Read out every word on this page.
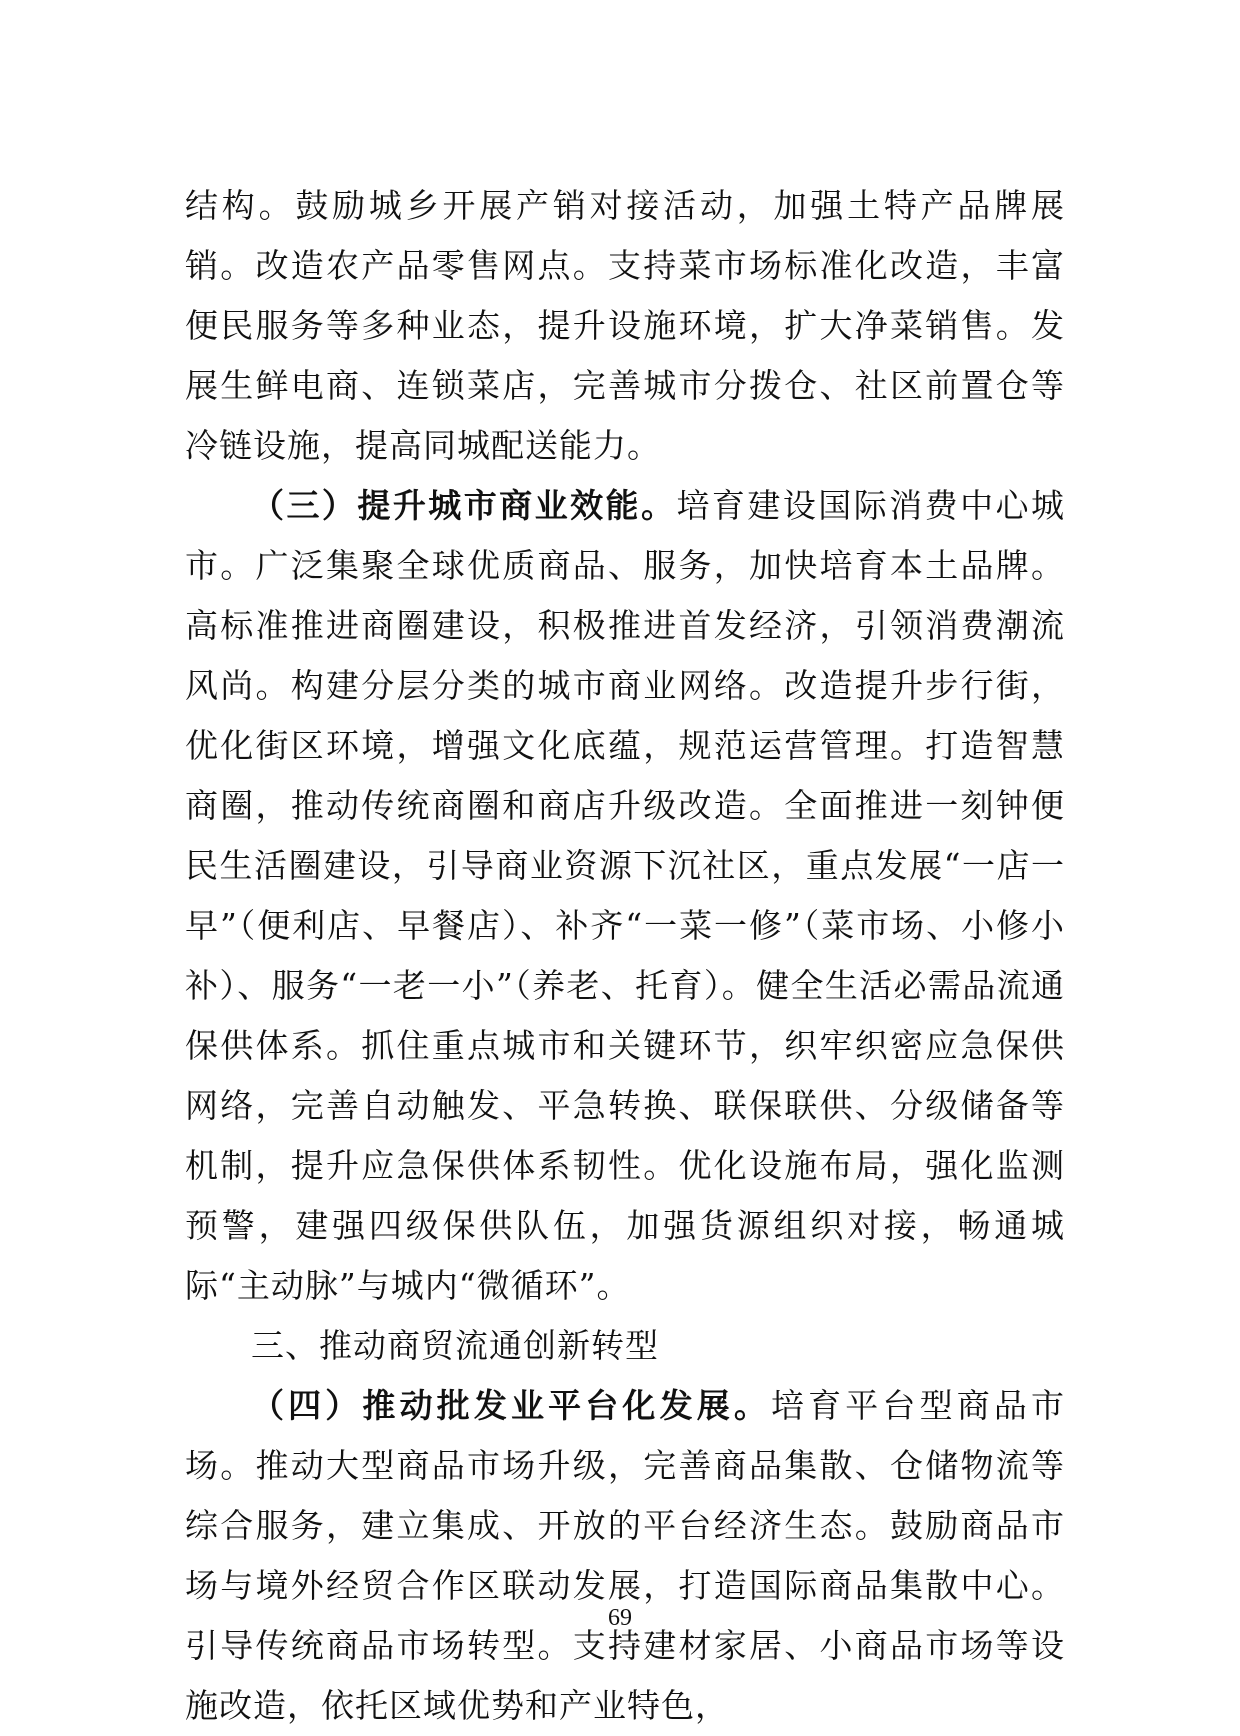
结构。鼓励城乡开展产销对接活动，加强土特产品牌展销。改造农产品零售网点。支持菜市场标准化改造，丰富便民服务等多种业态，提升设施环境，扩大净菜销售。发展生鲜电商、连锁菜店，完善城市分拨仓、社区前置仓等冷链设施，提高同城配送能力。

（三）提升城市商业效能。培育建设国际消费中心城市。广泛集聚全球优质商品、服务，加快培育本土品牌。高标准推进商圈建设，积极推进首发经济，引领消费潮流风尚。构建分层分类的城市商业网络。改造提升步行街，优化街区环境，增强文化底蕴，规范运营管理。打造智慧商圈，推动传统商圈和商店升级改造。全面推进一刻钟便民生活圈建设，引导商业资源下沉社区，重点发展“一店一早”（便利店、早餐店）、补齐“一菜一修”（菜市场、小修小补）、服务“一老一小”（养老、托育）。健全生活必需品流通保供体系。抓住重点城市和关键环节，织牢织密应急保供网络，完善自动触发、平急转换、联保联供、分级储备等机制，提升应急保供体系韧性。优化设施布局，强化监测预警，建强四级保供队伍，加强货源组织对接，畅通城际“主动脉”与城内“微循环”。

三、推动商贸流通创新转型

（四）推动批发业平台化发展。培育平台型商品市场。推动大型商品市场升级，完善商品集散、仓储物流等综合服务，建立集成、开放的平台经济生态。鼓励商品市场与境外经贸合作区联动发展，打造国际商品集散中心。引导传统商品市场转型。支持建材家居、小商品市场等设施改造，依托区域优势和产业特色，

69
